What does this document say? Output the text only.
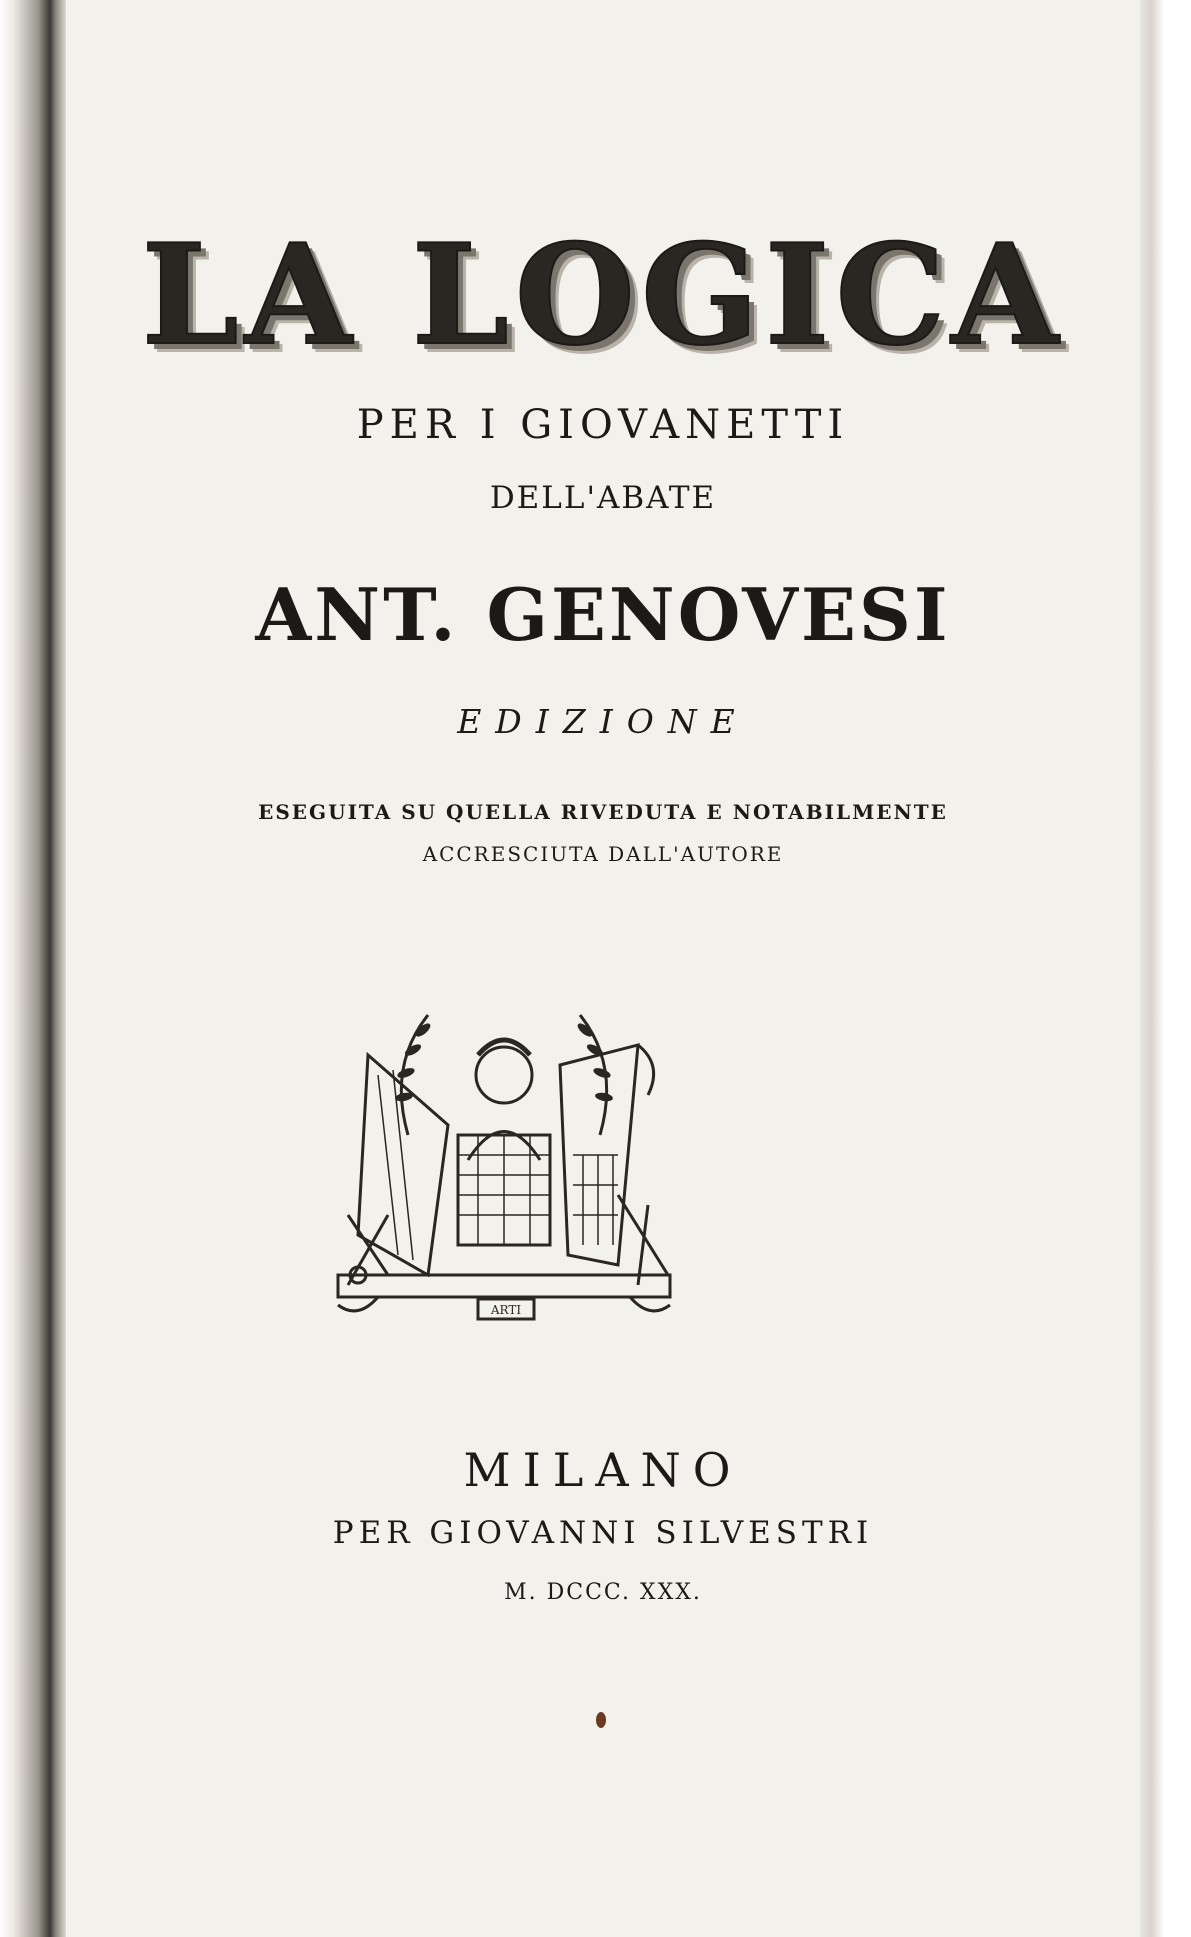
LA LOGICA
PER I GIOVANETTI
DELL'ABATE
ANT. GENOVESI
EDIZIONE
ESEGUITA SU QUELLA RIVEDUTA E NOTABILMENTE
ACCRESCIUTA DALL'AUTORE
ARTI
MILANO
PER GIOVANNI SILVESTRI
M. DCCC. XXX.
